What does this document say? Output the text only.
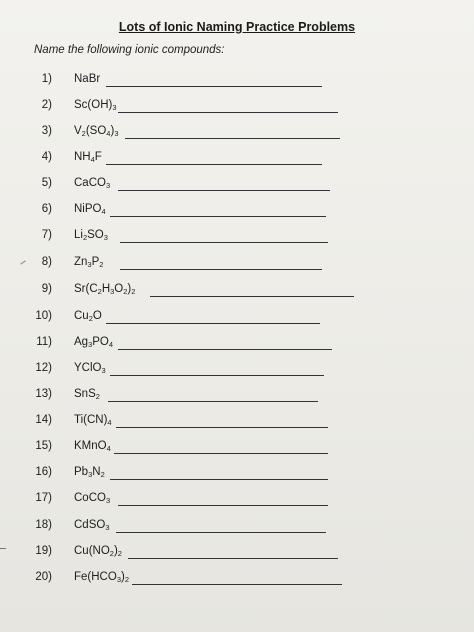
Lots of Ionic Naming Practice Problems
Name the following ionic compounds:
1) NaBr
2) $Sc(OH)_3$
3) $V_2(SO_4)_3$
4) $NH_4F$
5) CaCO$_3$
6) NiPO$_4$
7) $Li_2SO_3$
8) $Zn_3P_2$
9) $Sr(C_2H_3O_2)_2$
10) $Cu_2O$
11) $Ag_3PO_4$
12) YClO$_3$
13) SnS$_2$
14) $Ti(CN)_4$
15) KMnO$_4$
16) $Pb_3N_2$
17) CoCO$_3$
18) CdSO$_3$
19) $Cu(NO_2)_2$
20) $Fe(HCO_3)_2$
